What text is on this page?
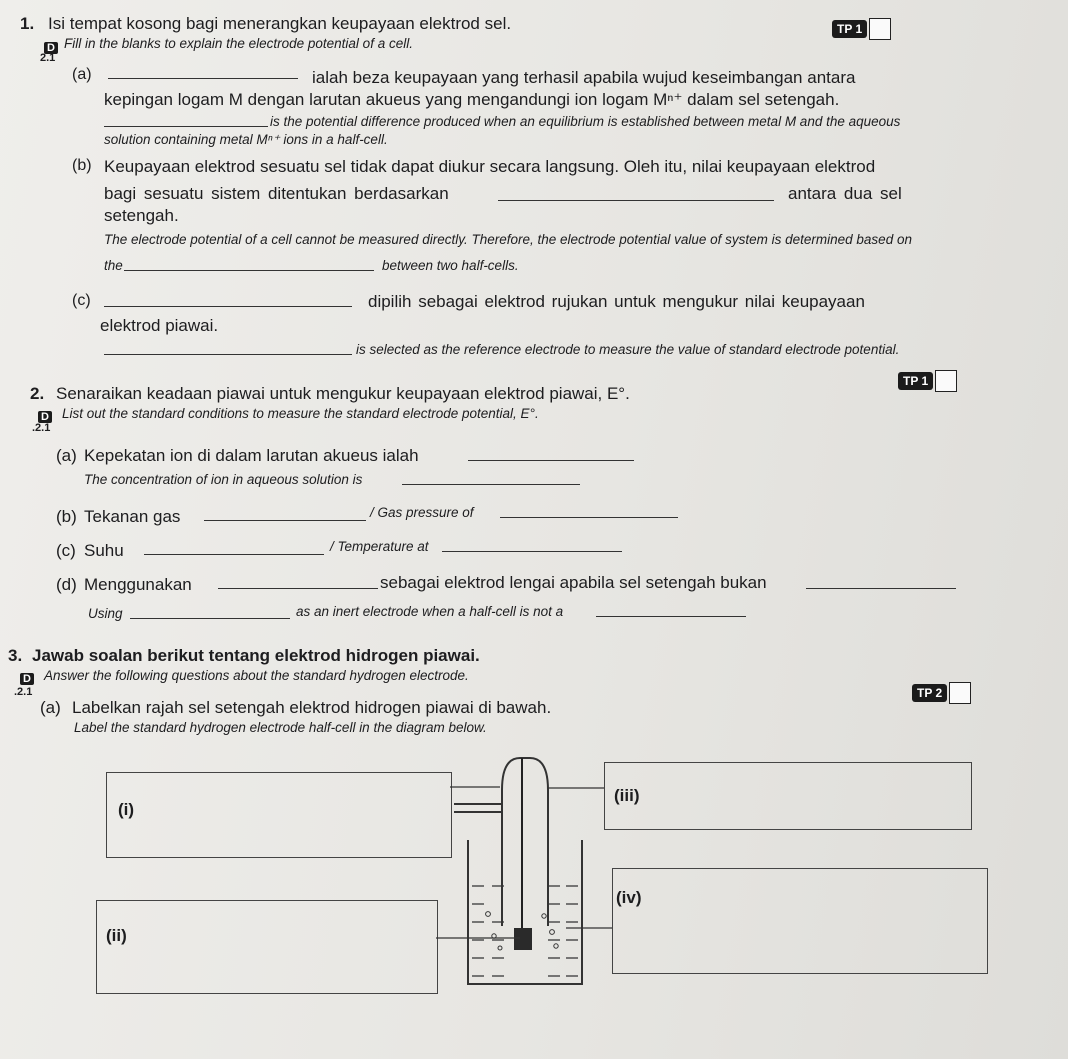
1. Isi tempat kosong bagi menerangkan keupayaan elektrod sel.
Fill in the blanks to explain the electrode potential of a cell.
D
2.1
TP 1
(a)	ialah beza keupayaan yang terhasil apabila wujud keseimbangan antara
kepingan logam M dengan larutan akueus yang mengandungi ion logam Mⁿ⁺ dalam sel setengah.
is the potential difference produced when an equilibrium is established between metal M and the aqueous
solution containing metal Mⁿ⁺ ions in a half-cell.
(b) Keupayaan elektrod sesuatu sel tidak dapat diukur secara langsung. Oleh itu, nilai keupayaan elektrod
bagi sesuatu sistem ditentukan berdasarkan	antara dua sel
setengah.
The electrode potential of a cell cannot be measured directly. Therefore, the electrode potential value of system is determined based on
the	between two half-cells.
(c)	dipilih sebagai elektrod rujukan untuk mengukur nilai keupayaan
elektrod piawai.
is selected as the reference electrode to measure the value of standard electrode potential.
2. Senaraikan keadaan piawai untuk mengukur keupayaan elektrod piawai, E°.
D List out the standard conditions to measure the standard electrode potential, E°.
.2.1
TP 1
(a) Kepekatan ion di dalam larutan akueus ialah
The concentration of ion in aqueous solution is
(b) Tekanan gas	/ Gas pressure of
(c) Suhu	/ Temperature at
(d) Menggunakan	sebagai elektrod lengai apabila sel setengah bukan
Using	as an inert electrode when a half-cell is not a
3. Jawab soalan berikut tentang elektrod hidrogen piawai.
D Answer the following questions about the standard hydrogen electrode.
.2.1	TP 2
(a) Labelkan rajah sel setengah elektrod hidrogen piawai di bawah.
Label the standard hydrogen electrode half-cell in the diagram below.
(i)
(ii)
(iii)
(iv)
